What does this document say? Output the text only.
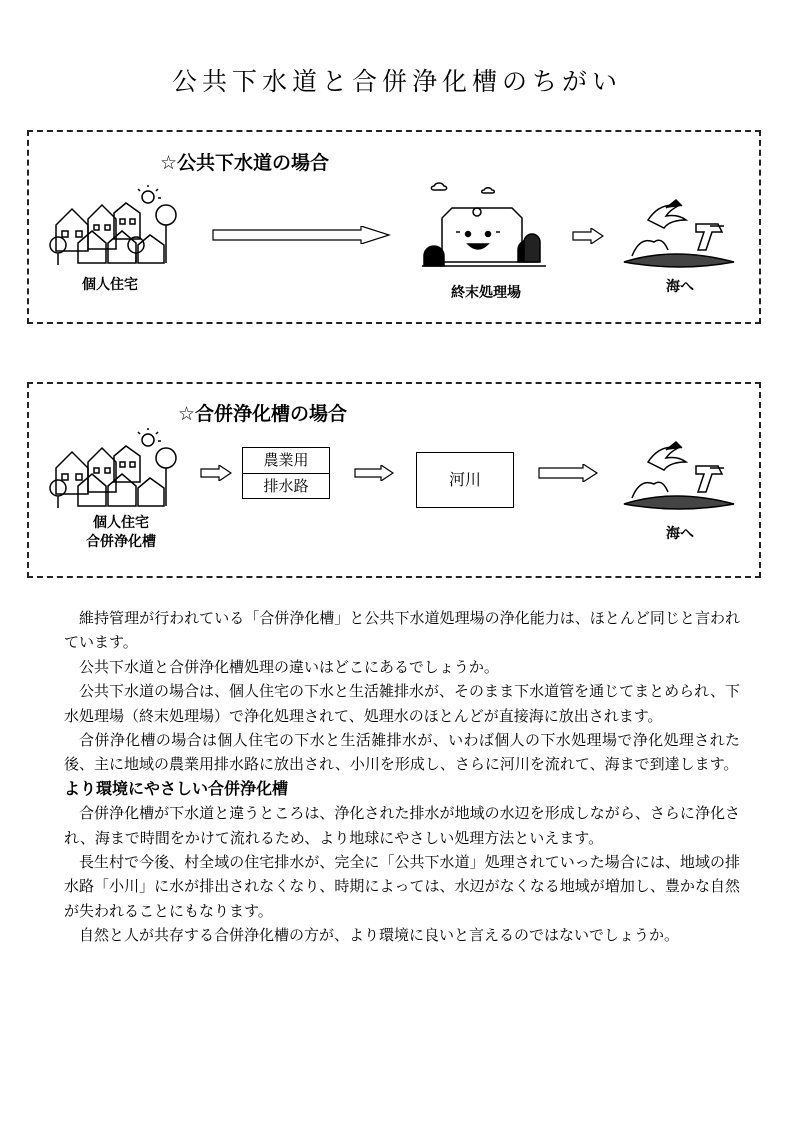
公共下水道と合併浄化槽のちがい
☆公共下水道の場合
個人住宅	終末処理場	海へ
☆合併浄化槽の場合
個人住宅
合併浄化槽
農業用
排水路	河川
海へ

維持管理が行われている「合併浄化槽」と公共下水道処理場の浄化能力は、ほとんど同じと言われています。

公共下水道と合併浄化槽処理の違いはどこにあるでしょうか。

公共下水道の場合は、個人住宅の下水と生活雑排水が、そのまま下水道管を通じてまとめられ、下水処理場（終末処理場）で浄化処理されて、処理水のほとんどが直接海に放出されます。

合併浄化槽の場合は個人住宅の下水と生活雑排水が、いわば個人の下水処理場で浄化処理された後、主に地域の農業用排水路に放出され、小川を形成し、さらに河川を流れて、海まで到達します。

より環境にやさしい合併浄化槽

合併浄化槽が下水道と違うところは、浄化された排水が地域の水辺を形成しながら、さらに浄化され、海まで時間をかけて流れるため、より地球にやさしい処理方法といえます。

長生村で今後、村全域の住宅排水が、完全に「公共下水道」処理されていった場合には、地域の排水路「小川」に水が排出されなくなり、時期によっては、水辺がなくなる地域が増加し、豊かな自然が失われることにもなります。

自然と人が共存する合併浄化槽の方が、より環境に良いと言えるのではないでしょうか。
